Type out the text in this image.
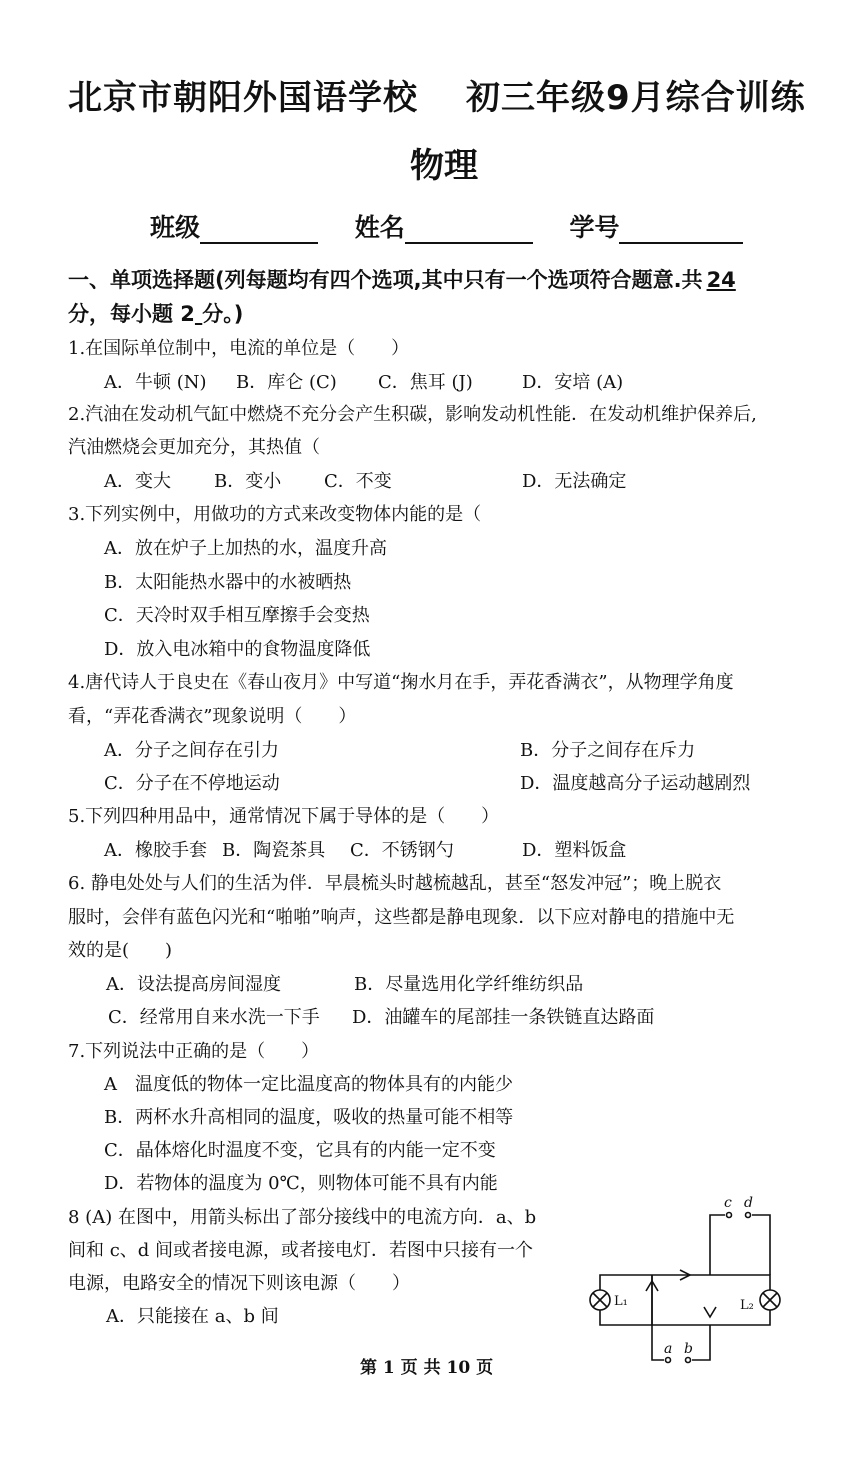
北京市朝阳外国语学校 初三年级9月综合训练
物理
班级	姓名	学号
一、单项选择题(列每题均有四个选项,其中只有一个选项符合题意.共 24
分，每小题 2 分。)
1.在国际单位制中，电流的单位是（　　）
A．牛顿 (N) B．库仑 (C) C．焦耳 (J)	D．安培 (A)
2.汽油在发动机气缸中燃烧不充分会产生积碳，影响发动机性能．在发动机维护保养后,
汽油燃烧会更加充分，其热值（
A．变大 B．变小 C．不变	D．无法确定
3.下列实例中，用做功的方式来改变物体内能的是（
A．放在炉子上加热的水，温度升高
B．太阳能热水器中的水被晒热
C．天冷时双手相互摩擦手会变热
D．放入电冰箱中的食物温度降低
4.唐代诗人于良史在《春山夜月》中写道“掬水月在手，弄花香满衣”，从物理学角度
看，“弄花香满衣”现象说明（　　）
A．分子之间存在引力	B．分子之间存在斥力
C．分子在不停地运动	D．温度越高分子运动越剧烈
5.下列四种用品中，通常情况下属于导体的是（　　）
A．橡胶手套 B．陶瓷茶具 C．不锈钢勺	D．塑料饭盒
6. 静电处处与人们的生活为伴．早晨梳头时越梳越乱，甚至“怒发冲冠”；晚上脱衣
服时，会伴有蓝色闪光和“啪啪”响声，这些都是静电现象．以下应对静电的措施中无
效的是(　　)
A．设法提高房间湿度	B．尽量选用化学纤维纺织品
C．经常用自来水洗一下手 D．油罐车的尾部挂一条铁链直达路面
7.下列说法中正确的是（　　）
A　温度低的物体一定比温度高的物体具有的内能少
B．两杯水升高相同的温度，吸收的热量可能不相等
C．晶体熔化时温度不变，它具有的内能一定不变
D．若物体的温度为 0℃，则物体可能不具有内能
8 (A) 在图中，用箭头标出了部分接线中的电流方向．a、b
间和 c、d 间或者接电源，或者接电灯．若图中只接有一个
电源，电路安全的情况下则该电源（　　）
A．只能接在 a、b 间
L₁	L₂
c d
a b
第 1 页 共 10 页
